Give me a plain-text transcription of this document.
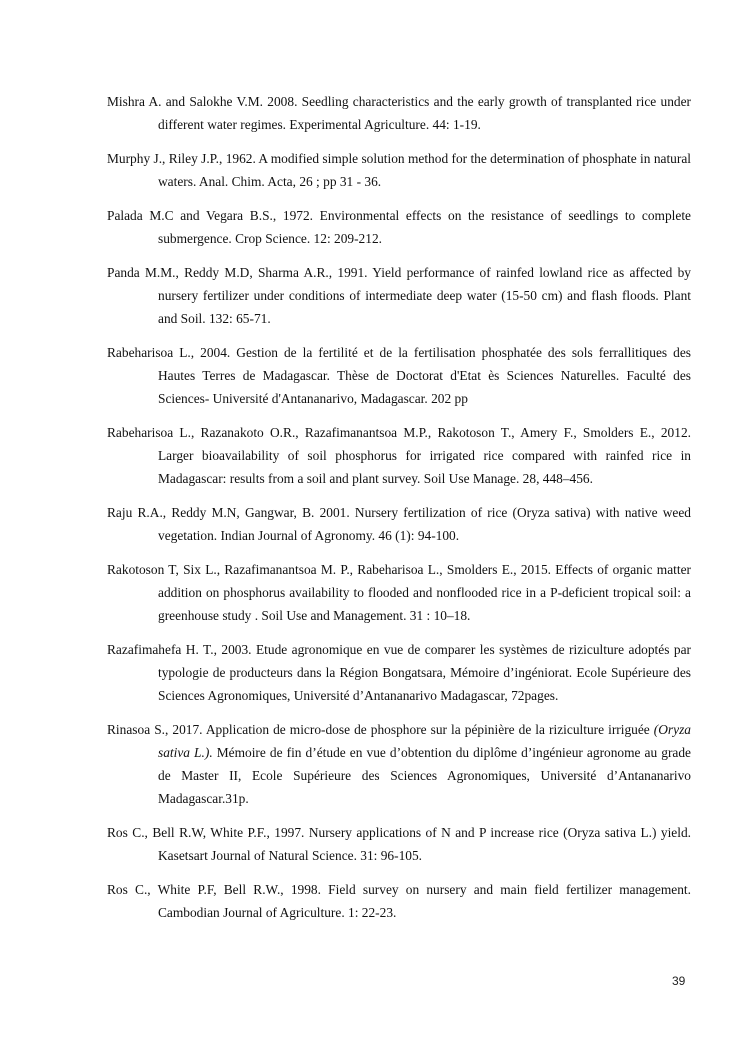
Mishra A. and Salokhe V.M. 2008. Seedling characteristics and the early growth of transplanted rice under different water regimes. Experimental Agriculture. 44: 1-19.

Murphy J., Riley J.P., 1962. A modified simple solution method for the determination of phosphate in natural waters. Anal. Chim. Acta, 26 ; pp 31 - 36.

Palada M.C and Vegara B.S., 1972. Environmental effects on the resistance of seedlings to complete submergence. Crop Science. 12: 209-212.

Panda M.M., Reddy M.D, Sharma A.R., 1991. Yield performance of rainfed lowland rice as affected by nursery fertilizer under conditions of intermediate deep water (15-50 cm) and flash floods. Plant and Soil. 132: 65-71.

Rabeharisoa L., 2004. Gestion de la fertilité et de la fertilisation phosphatée des sols ferrallitiques des Hautes Terres de Madagascar. Thèse de Doctorat d'Etat ès Sciences Naturelles. Faculté des Sciences- Université d'Antananarivo, Madagascar. 202 pp

Rabeharisoa L., Razanakoto O.R., Razafimanantsoa M.P., Rakotoson T., Amery F., Smolders E., 2012. Larger bioavailability of soil phosphorus for irrigated rice compared with rainfed rice in Madagascar: results from a soil and plant survey. Soil Use Manage. 28, 448–456.

Raju R.A., Reddy M.N, Gangwar, B. 2001. Nursery fertilization of rice (Oryza sativa) with native weed vegetation. Indian Journal of Agronomy. 46 (1): 94-100.

Rakotoson T, Six L., Razafimanantsoa M. P., Rabeharisoa L., Smolders E., 2015. Effects of organic matter addition on phosphorus availability to flooded and nonflooded rice in a P-deficient tropical soil: a greenhouse study . Soil Use and Management. 31 : 10–18.

Razafimahefa H. T., 2003. Etude agronomique en vue de comparer les systèmes de riziculture adoptés par typologie de producteurs dans la Région Bongatsara, Mémoire d’ingéniorat. Ecole Supérieure des Sciences Agronomiques, Université d’Antananarivo Madagascar, 72pages.

Rinasoa S., 2017. Application de micro-dose de phosphore sur la pépinière de la riziculture irriguée (Oryza sativa L.). Mémoire de fin d’étude en vue d’obtention du diplôme d’ingénieur agronome au grade de Master II, Ecole Supérieure des Sciences Agronomiques, Université d’Antananarivo Madagascar.31p.

Ros C., Bell R.W, White P.F., 1997. Nursery applications of N and P increase rice (Oryza sativa L.) yield. Kasetsart Journal of Natural Science. 31: 96-105.

Ros C., White P.F, Bell R.W., 1998. Field survey on nursery and main field fertilizer management. Cambodian Journal of Agriculture. 1: 22-23.

39
